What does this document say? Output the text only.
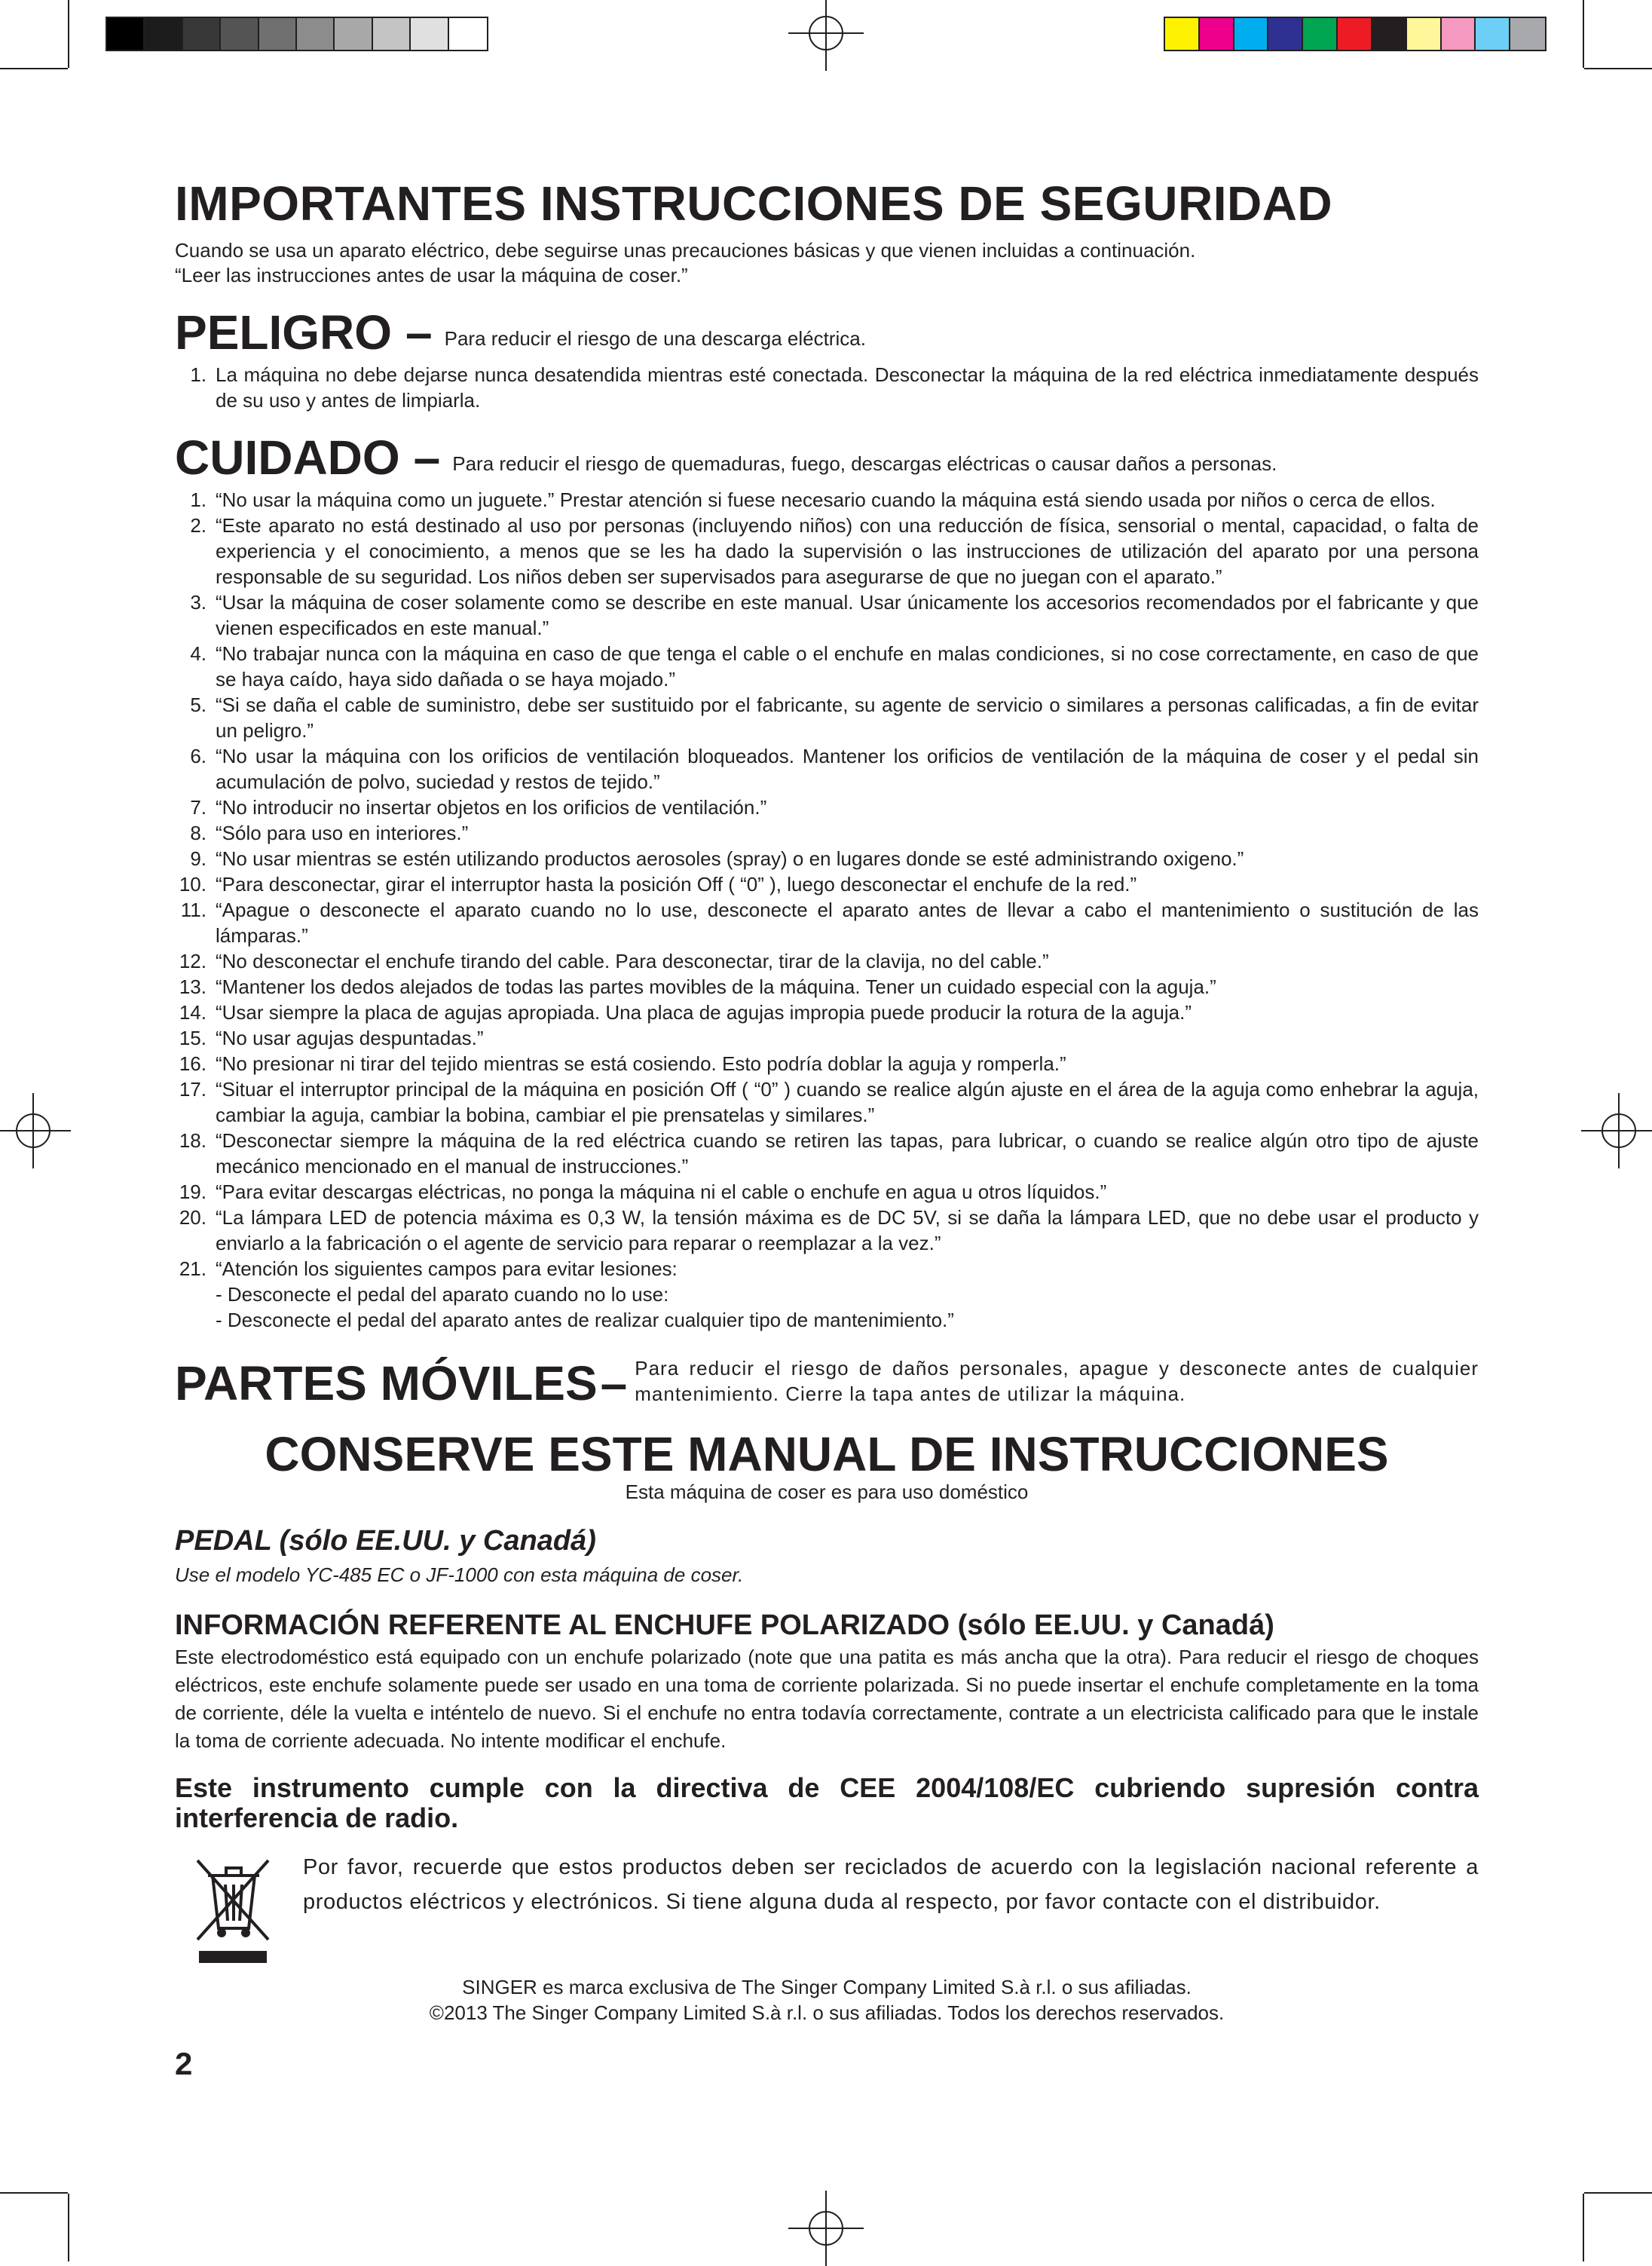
IMPORTANTES INSTRUCCIONES DE SEGURIDAD
Cuando se usa un aparato eléctrico, debe seguirse unas precauciones básicas y que vienen incluidas a continuación.
“Leer las instrucciones antes de usar la máquina de coser.”
PELIGRO – Para reducir el riesgo de una descarga eléctrica.
1. La máquina no debe dejarse nunca desatendida mientras esté conectada. Desconectar la máquina de la red eléctrica inmediatamente después de su uso y antes de limpiarla.
CUIDADO – Para reducir el riesgo de quemaduras, fuego, descargas eléctricas o causar daños a personas.
1. “No usar la máquina como un juguete.” Prestar atención si fuese necesario cuando la máquina está siendo usada por niños o cerca de ellos.
2. “Este aparato no está destinado al uso por personas (incluyendo niños) con una reducción de física, sensorial o mental, capacidad, o falta de experiencia y el conocimiento, a menos que se les ha dado la supervisión o las instrucciones de utilización del aparato por una persona responsable de su seguridad. Los niños deben ser supervisados para asegurarse de que no juegan con el aparato.”
3. “Usar la máquina de coser solamente como se describe en este manual. Usar únicamente los accesorios recomendados por el fabricante y que vienen especificados en este manual.”
4. “No trabajar nunca con la máquina en caso de que tenga el cable o el enchufe en malas condiciones, si no cose correctamente, en caso de que se haya caído, haya sido dañada o se haya mojado.”
5. “Si se daña el cable de suministro, debe ser sustituido por el fabricante, su agente de servicio o similares a personas calificadas, a fin de evitar un peligro.”
6. “No usar la máquina con los orificios de ventilación bloqueados. Mantener los orificios de ventilación de la máquina de coser y el pedal sin acumulación de polvo, suciedad y restos de tejido.”
7. “No introducir no insertar objetos en los orificios de ventilación.”
8. “Sólo para uso en interiores.”
9. “No usar mientras se estén utilizando productos aerosoles (spray) o en lugares donde se esté administrando oxigeno.”
10. “Para desconectar, girar el interruptor hasta la posición Off ( “0” ), luego desconectar el enchufe de la red.”
11. “Apague o desconecte el aparato cuando no lo use, desconecte el aparato antes de llevar a cabo el mantenimiento o sustitución de las lámparas.”
12. “No desconectar el enchufe tirando del cable. Para desconectar, tirar de la clavija, no del cable.”
13. “Mantener los dedos alejados de todas las partes movibles de la máquina. Tener un cuidado especial con la aguja.”
14. “Usar siempre la placa de agujas apropiada. Una placa de agujas impropia puede producir la rotura de la aguja.”
15. “No usar agujas despuntadas.”
16. “No presionar ni tirar del tejido mientras se está cosiendo. Esto podría doblar la aguja y romperla.”
17. “Situar el interruptor principal de la máquina en posición Off ( “0” ) cuando se realice algún ajuste en el área de la aguja como enhebrar la aguja, cambiar la aguja, cambiar la bobina, cambiar el pie prensatelas y similares.”
18. “Desconectar siempre la máquina de la red eléctrica cuando se retiren las tapas, para lubricar, o cuando se realice algún otro tipo de ajuste mecánico mencionado en el manual de instrucciones.”
19. “Para evitar descargas eléctricas, no ponga la máquina ni el cable o enchufe en agua u otros líquidos.”
20. “La lámpara LED de potencia máxima es 0,3 W, la tensión máxima es de DC 5V, si se daña la lámpara LED, que no debe usar el producto y enviarlo a la fabricación o el agente de servicio para reparar o reemplazar a la vez.”
21. “Atención los siguientes campos para evitar lesiones:
- Desconecte el pedal del aparato cuando no lo use:
- Desconecte el pedal del aparato antes de realizar cualquier tipo de mantenimiento.”
PARTES MÓVILES – Para reducir el riesgo de daños personales, apague y desconecte antes de cualquier mantenimiento. Cierre la tapa antes de utilizar la máquina.
CONSERVE ESTE MANUAL DE INSTRUCCIONES
Esta máquina de coser es para uso doméstico
PEDAL (sólo EE.UU. y Canadá)
Use el modelo YC-485 EC o JF-1000 con esta máquina de coser.
INFORMACIÓN REFERENTE AL ENCHUFE POLARIZADO (sólo EE.UU. y Canadá)
Este electrodoméstico está equipado con un enchufe polarizado (note que una patita es más ancha que la otra). Para reducir el riesgo de choques eléctricos, este enchufe solamente puede ser usado en una toma de corriente polarizada. Si no puede insertar el enchufe completamente en la toma de corriente, déle la vuelta e inténtelo de nuevo. Si el enchufe no entra todavía correctamente, contrate a un electricista calificado para que le instale la toma de corriente adecuada. No intente modificar el enchufe.
Este instrumento cumple con la directiva de CEE 2004/108/EC cubriendo supresión contra interferencia de radio.
Por favor, recuerde que estos productos deben ser reciclados de acuerdo con la legislación nacional referente a productos eléctricos y electrónicos. Si tiene alguna duda al respecto, por favor contacte con el distribuidor.
SINGER es marca exclusiva de The Singer Company Limited S.à r.l. o sus afiliadas.
©2013 The Singer Company Limited S.à r.l. o sus afiliadas. Todos los derechos reservados.
2
